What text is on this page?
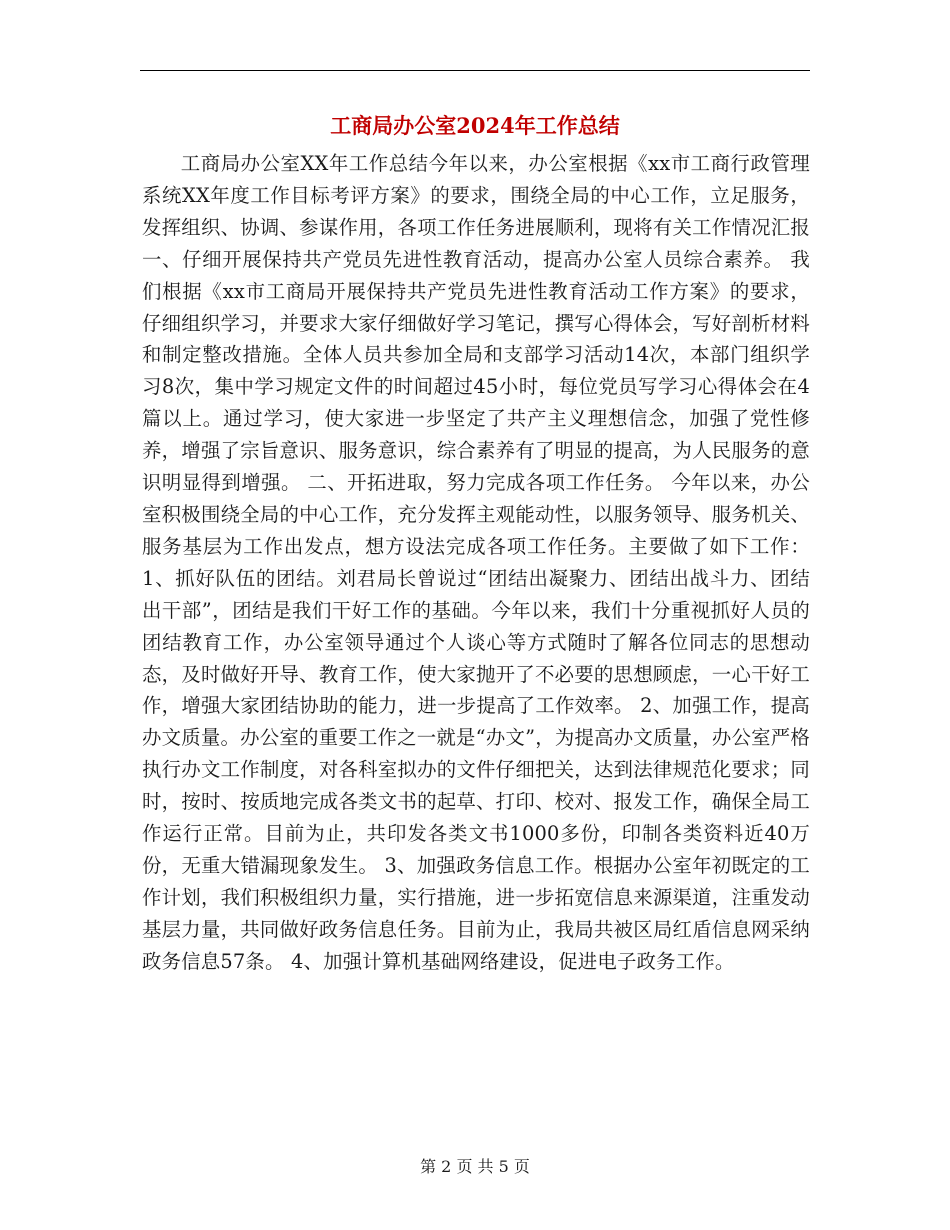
工商局办公室2024年工作总结

工商局办公室XX年工作总结今年以来，办公室根据《xx市工商行政管理系统XX年度工作目标考评方案》的要求，围绕全局的中心工作，立足服务，发挥组织、协调、参谋作用，各项工作任务进展顺利，现将有关工作情况汇报 一、仔细开展保持共产党员先进性教育活动，提高办公室人员综合素养。 我们根据《xx市工商局开展保持共产党员先进性教育活动工作方案》的要求，仔细组织学习，并要求大家仔细做好学习笔记，撰写心得体会，写好剖析材料和制定整改措施。全体人员共参加全局和支部学习活动14次，本部门组织学习8次，集中学习规定文件的时间超过45小时，每位党员写学习心得体会在4篇以上。通过学习，使大家进一步坚定了共产主义理想信念，加强了党性修养，增强了宗旨意识、服务意识，综合素养有了明显的提高，为人民服务的意识明显得到增强。 二、开拓进取，努力完成各项工作任务。 今年以来，办公室积极围绕全局的中心工作，充分发挥主观能动性，以服务领导、服务机关、服务基层为工作出发点，想方设法完成各项工作任务。主要做了如下工作：1、抓好队伍的团结。刘君局长曾说过“团结出凝聚力、团结出战斗力、团结出干部”，团结是我们干好工作的基础。今年以来，我们十分重视抓好人员的团结教育工作，办公室领导通过个人谈心等方式随时了解各位同志的思想动态，及时做好开导、教育工作，使大家抛开了不必要的思想顾虑，一心干好工作，增强大家团结协助的能力，进一步提高了工作效率。 2、加强工作，提高办文质量。办公室的重要工作之一就是“办文”，为提高办文质量，办公室严格执行办文工作制度，对各科室拟办的文件仔细把关，达到法律规范化要求；同时，按时、按质地完成各类文书的起草、打印、校对、报发工作，确保全局工作运行正常。目前为止，共印发各类文书1000多份，印制各类资料近40万份，无重大错漏现象发生。 3、加强政务信息工作。根据办公室年初既定的工作计划，我们积极组织力量，实行措施，进一步拓宽信息来源渠道，注重发动基层力量，共同做好政务信息任务。目前为止，我局共被区局红盾信息网采纳政务信息57条。 4、加强计算机基础网络建设，促进电子政务工作。

第 2 页 共 5 页
